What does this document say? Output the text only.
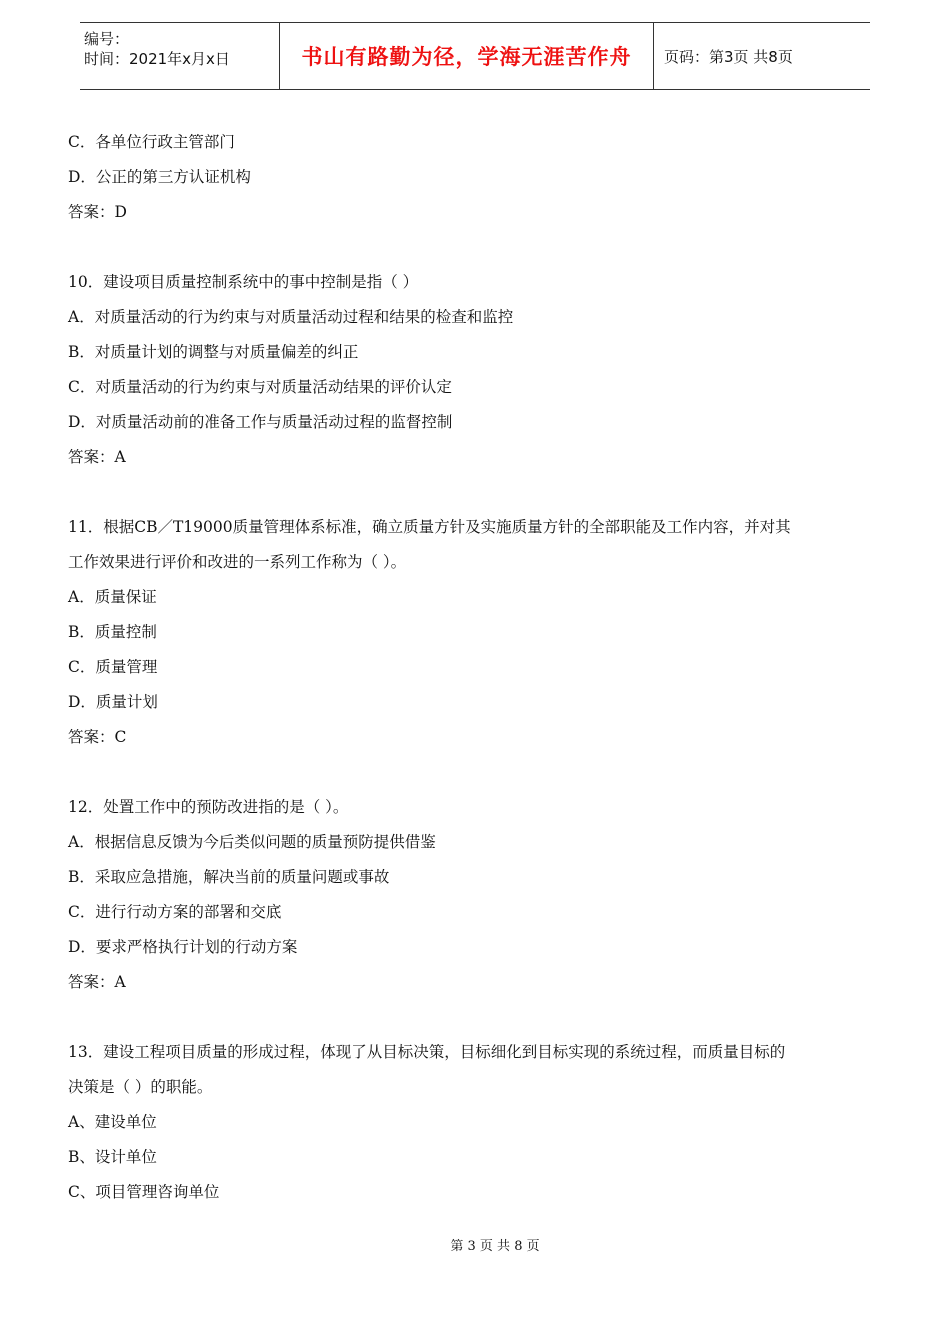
编号：
时间：2021年x月x日	书山有路勤为径，学海无涯苦作舟 页码：第3页 共8页
C．各单位行政主管部门
D．公正的第三方认证机构
答案：D
10．建设项目质量控制系统中的事中控制是指（ ）
A．对质量活动的行为约束与对质量活动过程和结果的检查和监控
B．对质量计划的调整与对质量偏差的纠正
C．对质量活动的行为约束与对质量活动结果的评价认定
D．对质量活动前的准备工作与质量活动过程的监督控制
答案：A
11．根据CB／T19000质量管理体系标准，确立质量方针及实施质量方针的全部职能及工作内容，并对其
工作效果进行评价和改进的一系列工作称为（ ）。
A．质量保证
B．质量控制
C．质量管理
D．质量计划
答案：C
12．处置工作中的预防改进指的是（ ）。
A．根据信息反馈为今后类似问题的质量预防提供借鉴
B．采取应急措施，解决当前的质量问题或事故
C．进行行动方案的部署和交底
D．要求严格执行计划的行动方案
答案：A
13．建设工程项目质量的形成过程，体现了从目标决策，目标细化到目标实现的系统过程，而质量目标的
决策是（ ）的职能。
A、建设单位
B、设计单位
C、项目管理咨询单位
第 3 页 共 8 页
